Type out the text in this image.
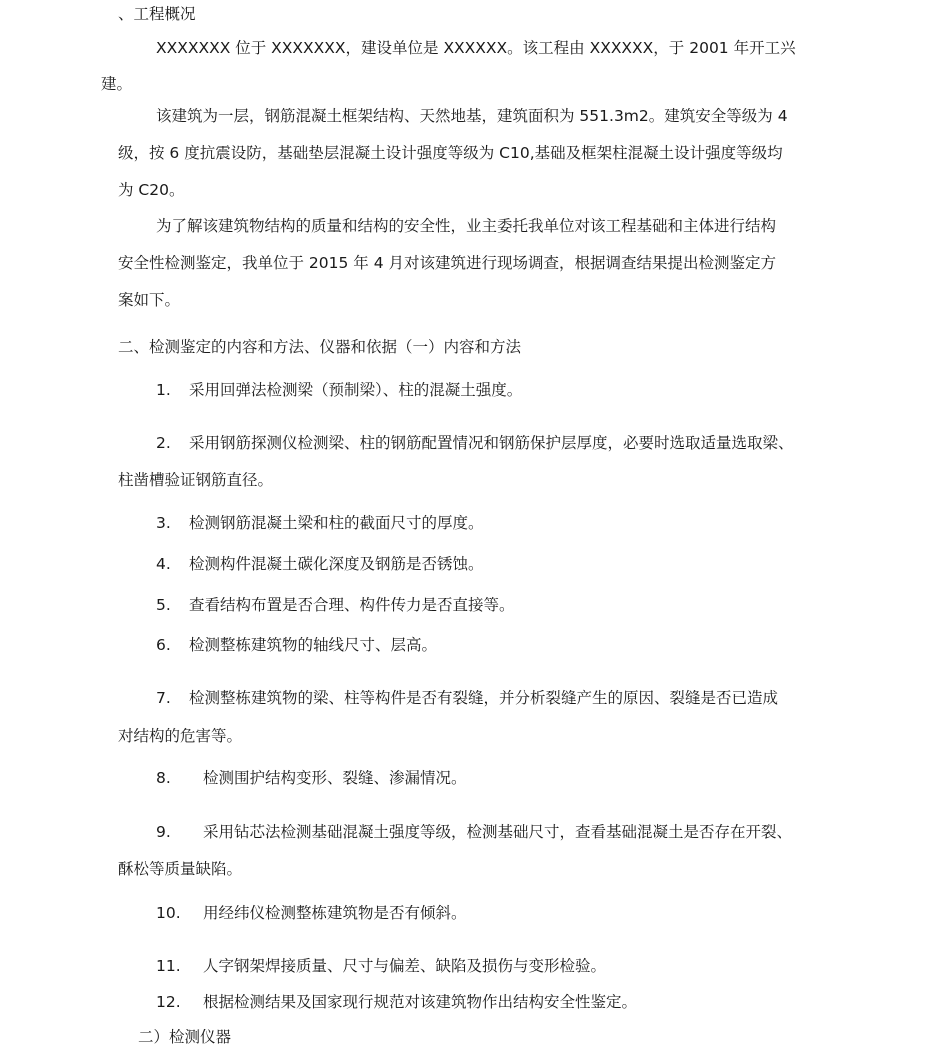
、工程概况
XXXXXXX 位于 XXXXXXX，建设单位是 XXXXXX。该工程由 XXXXXX，于 2001 年开工兴
建。
该建筑为一层，钢筋混凝土框架结构、天然地基，建筑面积为 551.3m2。建筑安全等级为 4
级，按 6 度抗震设防，基础垫层混凝土设计强度等级为 C10,基础及框架柱混凝土设计强度等级均
为 C20。
为了解该建筑物结构的质量和结构的安全性，业主委托我单位对该工程基础和主体进行结构
安全性检测鉴定，我单位于 2015 年 4 月对该建筑进行现场调查，根据调查结果提出检测鉴定方
案如下。
二、检测鉴定的内容和方法、仪器和依据（一）内容和方法
1. 采用回弹法检测梁（预制梁）、柱的混凝土强度。
2. 采用钢筋探测仪检测梁、柱的钢筋配置情况和钢筋保护层厚度，必要时选取适量选取梁、
柱凿槽验证钢筋直径。
3. 检测钢筋混凝土梁和柱的截面尺寸的厚度。
4. 检测构件混凝土碳化深度及钢筋是否锈蚀。
5. 查看结构布置是否合理、构件传力是否直接等。
6. 检测整栋建筑物的轴线尺寸、层高。
7. 检测整栋建筑物的梁、柱等构件是否有裂缝，并分析裂缝产生的原因、裂缝是否已造成
对结构的危害等。
8. 检测围护结构变形、裂缝、渗漏情况。
9. 采用钻芯法检测基础混凝土强度等级，检测基础尺寸，查看基础混凝土是否存在开裂、
酥松等质量缺陷。
10. 用经纬仪检测整栋建筑物是否有倾斜。
11. 人字钢架焊接质量、尺寸与偏差、缺陷及损伤与变形检验。
12. 根据检测结果及国家现行规范对该建筑物作出结构安全性鉴定。
二）检测仪器
